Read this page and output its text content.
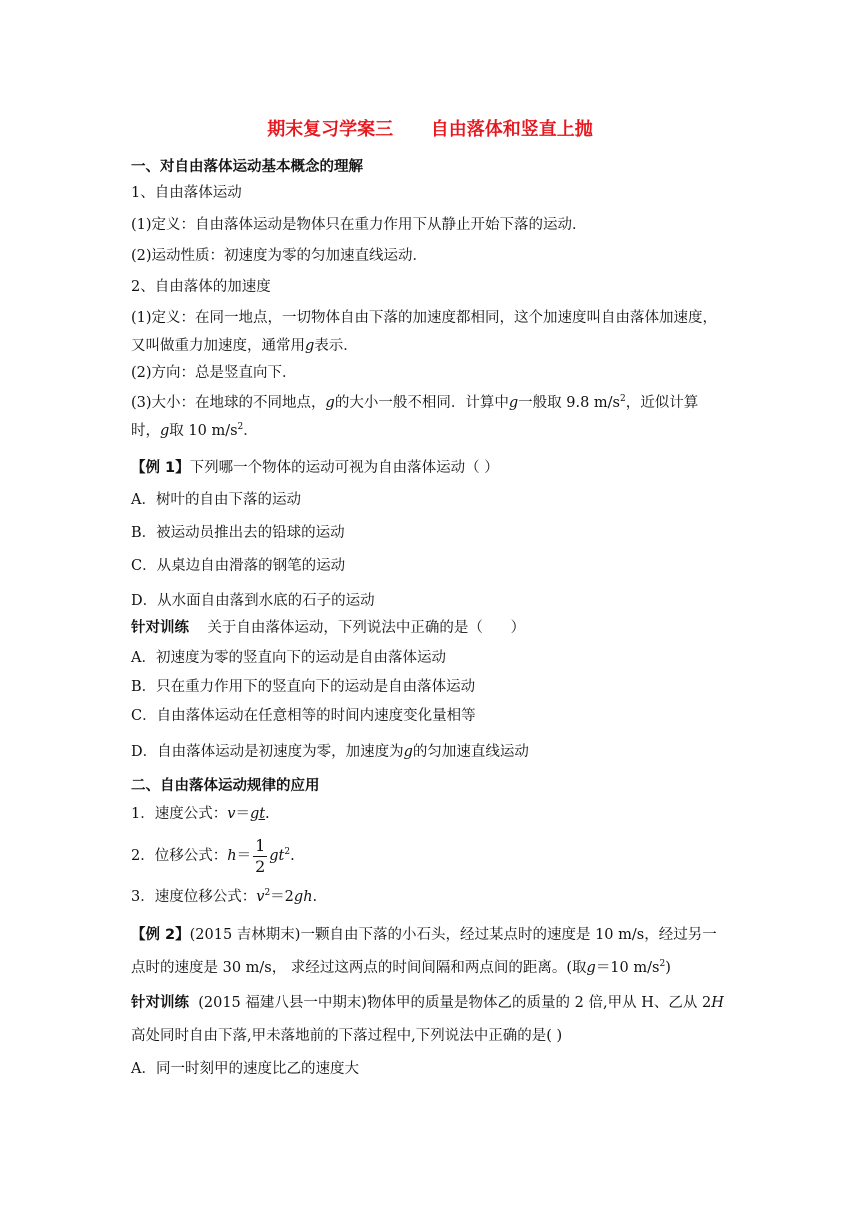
期末复习学案三      自由落体和竖直上抛
一、对自由落体运动基本概念的理解
1、自由落体运动
(1)定义：自由落体运动是物体只在重力作用下从静止开始下落的运动．
(2)运动性质：初速度为零的匀加速直线运动．
2、自由落体的加速度
(1)定义：在同一地点，一切物体自由下落的加速度都相同，这个加速度叫自由落体加速度，
又叫做重力加速度，通常用g表示．
(2)方向：总是竖直向下．
(3)大小：在地球的不同地点，g的大小一般不相同．计算中g一般取 9.8 $m/s^2$，近似计算
时，g取 10 $m/s^2$．
【例 1】下列哪一个物体的运动可视为自由落体运动（ ）
A．树叶的自由下落的运动
B．被运动员推出去的铅球的运动
C．从桌边自由滑落的钢笔的运动
D．从水面自由落到水底的石子的运动
针对训练    关于自由落体运动，下列说法中正确的是（      ）
A．初速度为零的竖直向下的运动是自由落体运动
B．只在重力作用下的竖直向下的运动是自由落体运动
C．自由落体运动在任意相等的时间内速度变化量相等
D．自由落体运动是初速度为零，加速度为g的匀加速直线运动
二、自由落体运动规律的应用
1．速度公式：v＝gt.
2．位移公式：$h= \frac{1}{2} gt^2$.
3．速度位移公式：$v^2=2gh$.
【例 2】(2015 吉林期末)一颗自由下落的小石头，经过某点时的速度是 10 m/s，经过另一
点时的速度是 30 m/s， 求经过这两点的时间间隔和两点间的距离。(取g＝10 $m/s^2$)
针对训练  (2015 福建八县一中期末)物体甲的质量是物体乙的质量的 2 倍,甲从 H、乙从 2H
高处同时自由下落,甲未落地前的下落过程中,下列说法中正确的是( )
A．同一时刻甲的速度比乙的速度大
